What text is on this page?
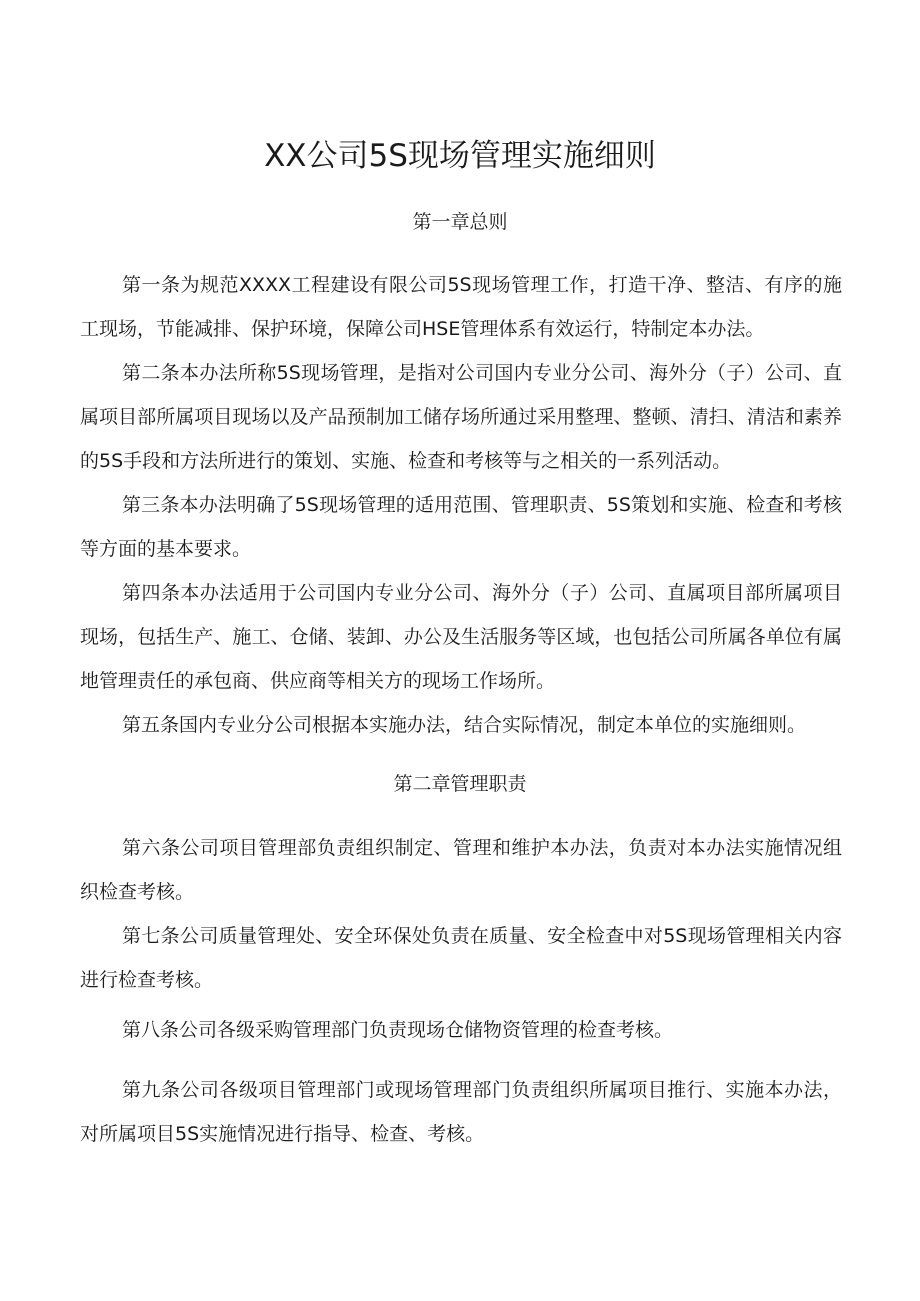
XX公司5S现场管理实施细则
第一章总则

第一条为规范XXXX工程建设有限公司5S现场管理工作，打造干净、整洁、有序的施工现场，节能减排、保护环境，保障公司HSE管理体系有效运行，特制定本办法。

第二条本办法所称5S现场管理，是指对公司国内专业分公司、海外分（子）公司、直属项目部所属项目现场以及产品预制加工储存场所通过采用整理、整顿、清扫、清洁和素养的5S手段和方法所进行的策划、实施、检查和考核等与之相关的一系列活动。

第三条本办法明确了5S现场管理的适用范围、管理职责、5S策划和实施、检查和考核等方面的基本要求。

第四条本办法适用于公司国内专业分公司、海外分（子）公司、直属项目部所属项目现场，包括生产、施工、仓储、装卸、办公及生活服务等区域，也包括公司所属各单位有属地管理责任的承包商、供应商等相关方的现场工作场所。

第五条国内专业分公司根据本实施办法，结合实际情况，制定本单位的实施细则。

第二章管理职责

第六条公司项目管理部负责组织制定、管理和维护本办法，负责对本办法实施情况组织检查考核。

第七条公司质量管理处、安全环保处负责在质量、安全检查中对5S现场管理相关内容进行检查考核。

第八条公司各级采购管理部门负责现场仓储物资管理的检查考核。

第九条公司各级项目管理部门或现场管理部门负责组织所属项目推行、实施本办法，对所属项目5S实施情况进行指导、检查、考核。
